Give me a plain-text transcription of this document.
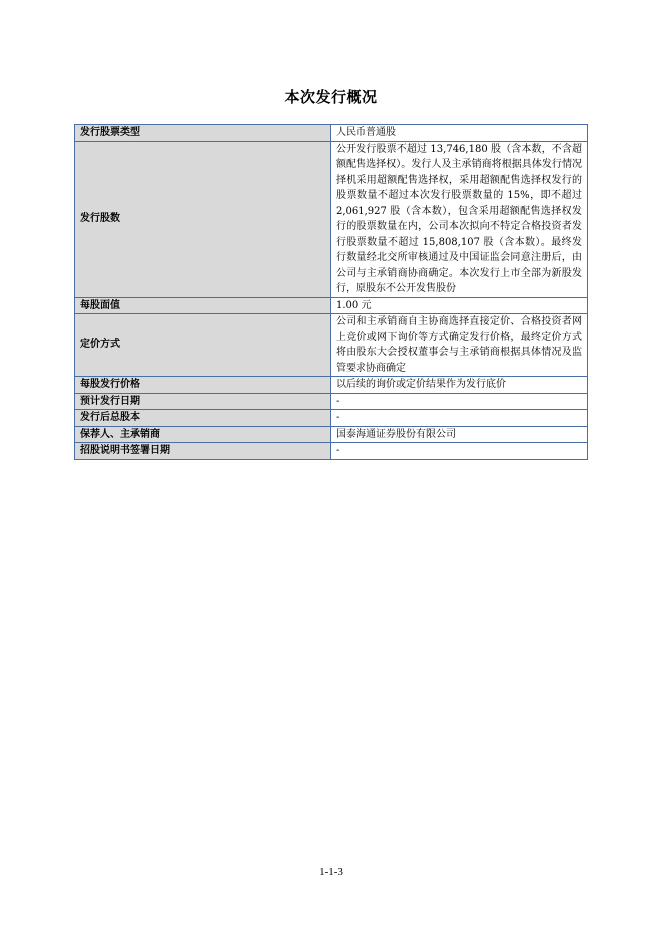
本次发行概况
发行股票类型	人民币普通股
发行股数	公开发行股票不超过 13,746,180 股（含本数，不含超额配售选择权）。发行人及主承销商将根据具体发行情况择机采用超额配售选择权，采用超额配售选择权发行的股票数量不超过本次发行股票数量的 15%，即不超过 2,061,927 股（含本数），包含采用超额配售选择权发行的股票数量在内，公司本次拟向不特定合格投资者发行股票数量不超过 15,808,107 股（含本数）。最终发行数量经北交所审核通过及中国证监会同意注册后，由公司与主承销商协商确定。本次发行上市全部为新股发行，原股东不公开发售股份
每股面值	1.00 元
定价方式	公司和主承销商自主协商选择直接定价、合格投资者网上竞价或网下询价等方式确定发行价格，最终定价方式将由股东大会授权董事会与主承销商根据具体情况及监管要求协商确定
每股发行价格	以后续的询价或定价结果作为发行底价
预计发行日期	-
发行后总股本	-
保荐人、主承销商	国泰海通证券股份有限公司
招股说明书签署日期	-
1-1-3
